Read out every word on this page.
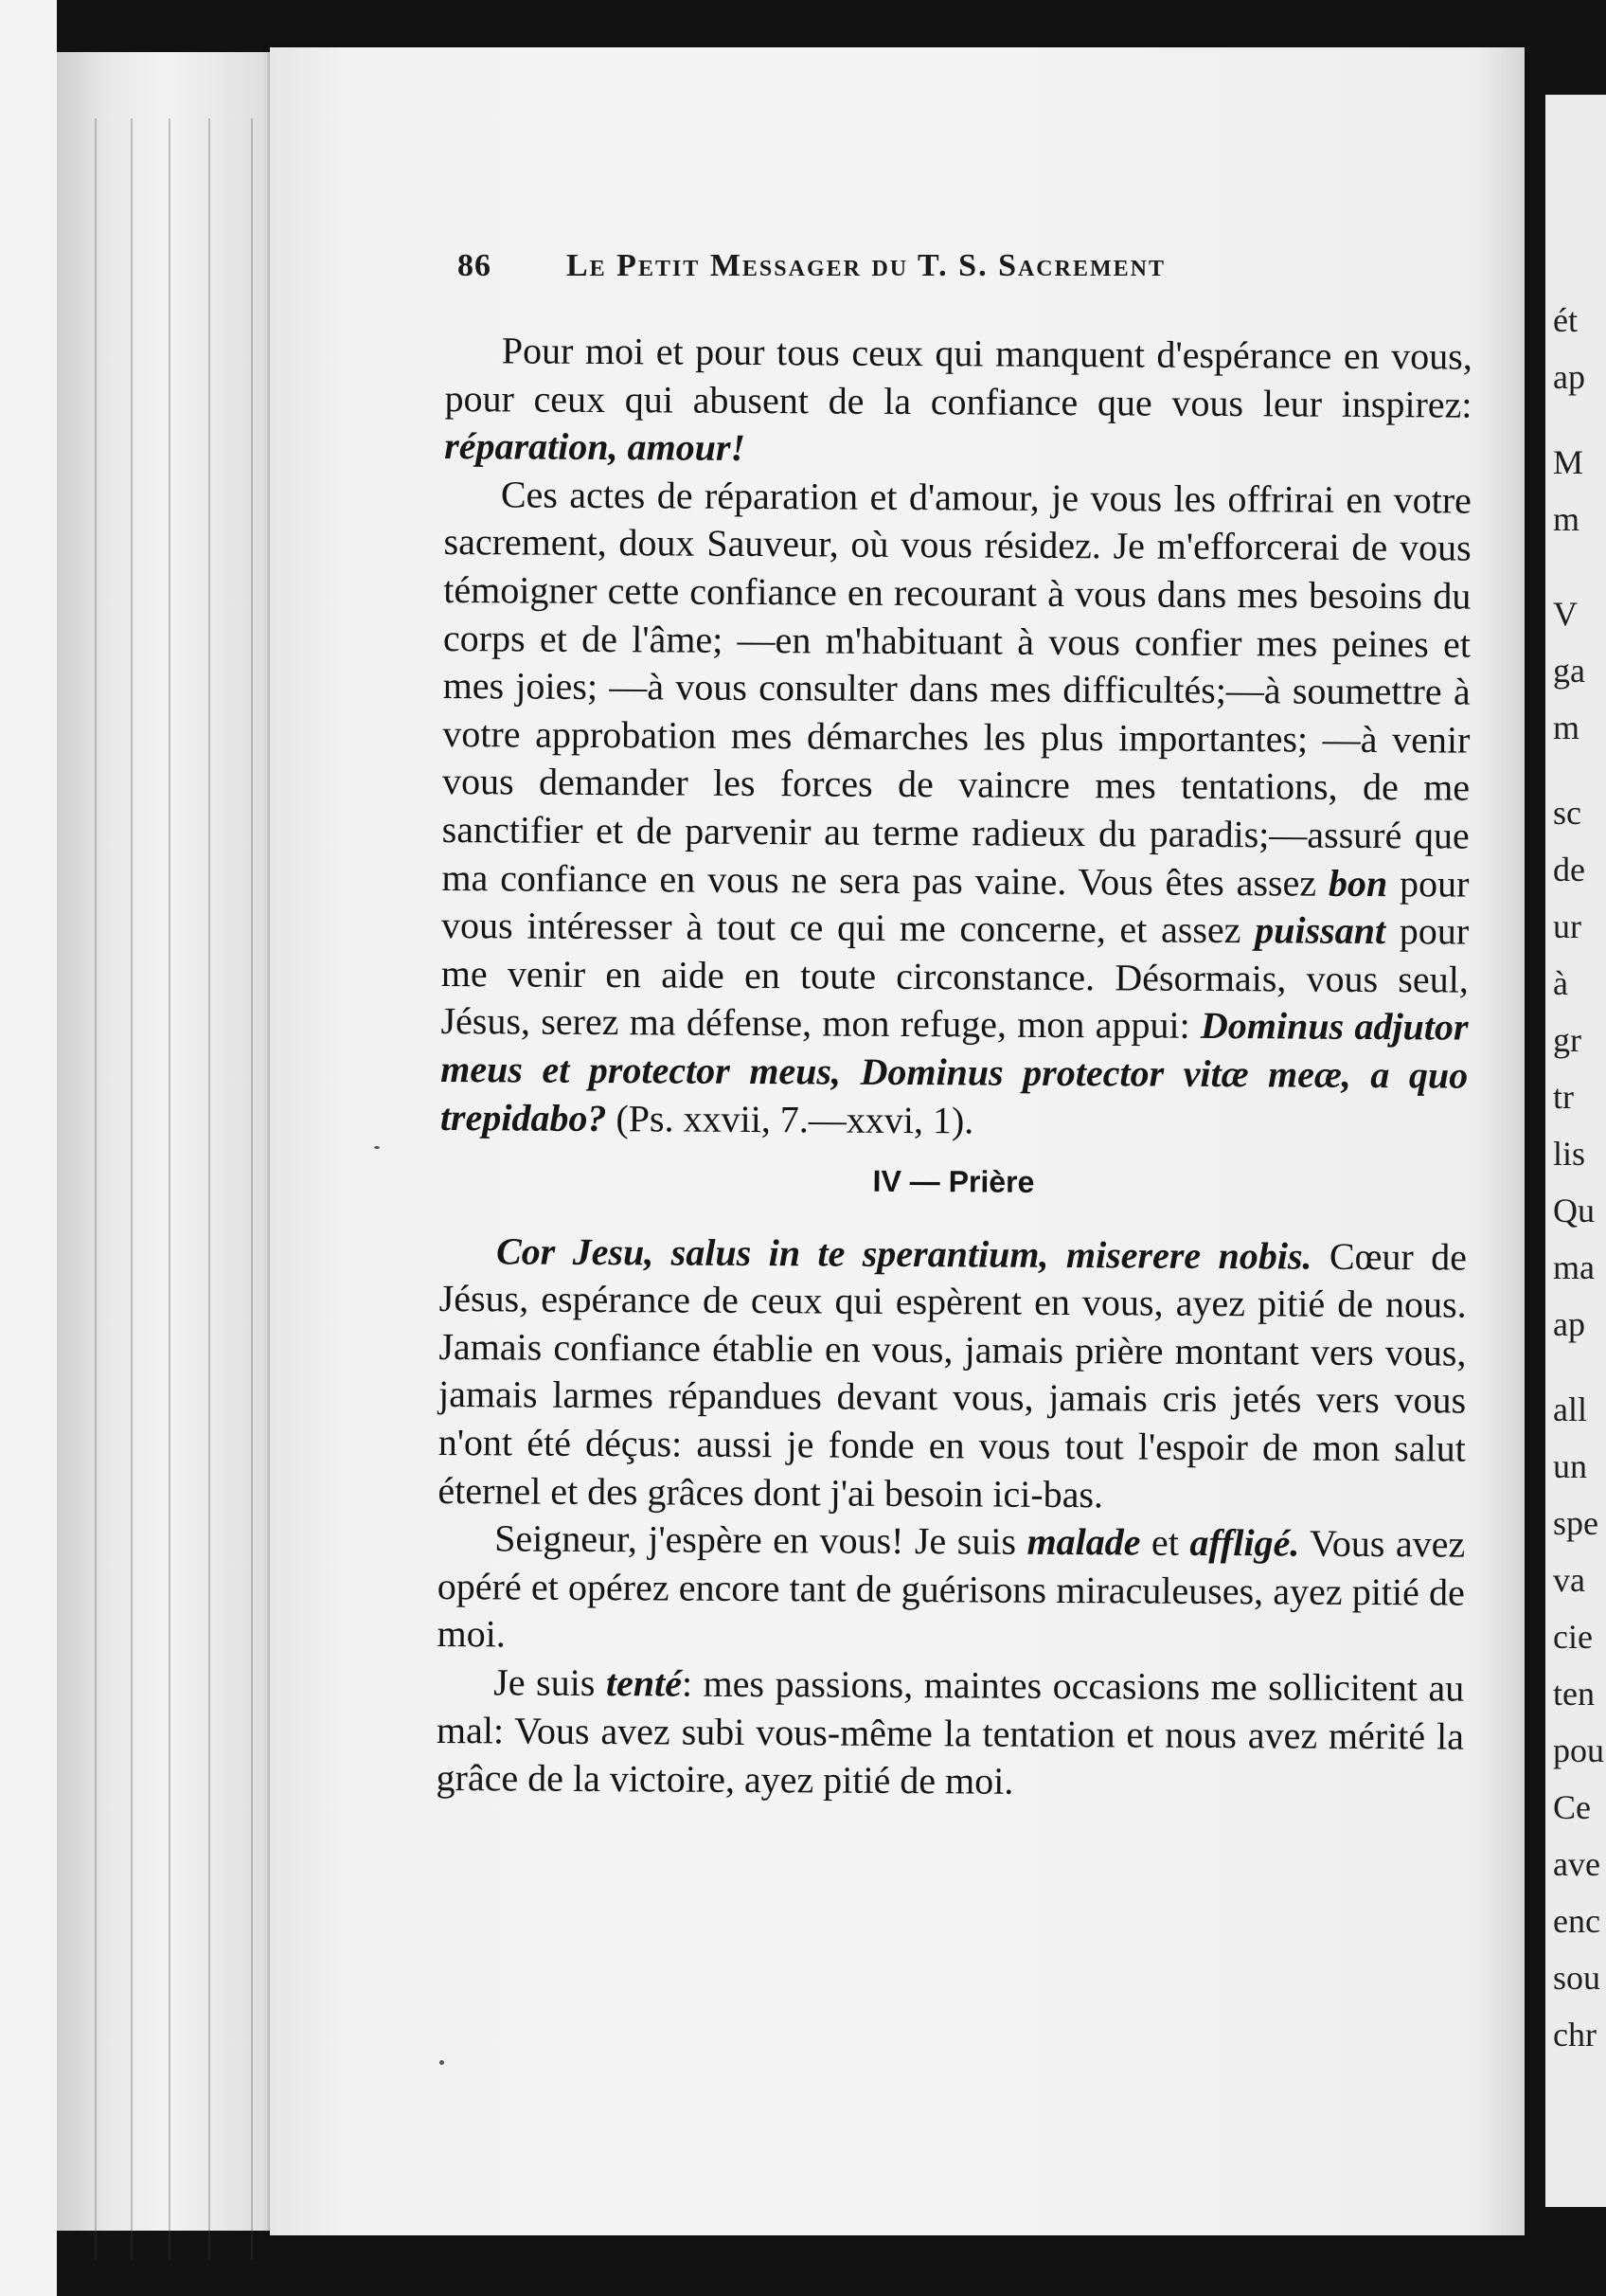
ét
ap
M
m
V
ga
m
sc
de
ur
à
gr
tr
lis
Qu
ma
ap
all
un
spe
va
cie
ten
pou
Ce
ave
enc
sou
chr
86 Le Petit Messager du T. S. Sacrement

Pour moi et pour tous ceux qui manquent d'espérance en vous, pour ceux qui abusent de la confiance que vous leur inspirez: réparation, amour!

Ces actes de réparation et d'amour, je vous les offrirai en votre sacrement, doux Sauveur, où vous résidez. Je m'efforcerai de vous témoigner cette confiance en recourant à vous dans mes besoins du corps et de l'âme; —en m'habituant à vous confier mes peines et mes joies; —à vous consulter dans mes difficultés;—à soumettre à votre approbation mes démarches les plus importantes; —à venir vous demander les forces de vaincre mes tentations, de me sanctifier et de parvenir au terme radieux du paradis;—assuré que ma confiance en vous ne sera pas vaine. Vous êtes assez bon pour vous intéresser à tout ce qui me concerne, et assez puissant pour me venir en aide en toute circonstance. Désormais, vous seul, Jésus, serez ma défense, mon refuge, mon appui: Dominus adjutor meus et protector meus, Dominus protector vitæ meæ, a quo trepidabo? (Ps. xxvii, 7.—xxvi, 1).

IV — Prière

Cor Jesu, salus in te sperantium, miserere nobis. Cœur de Jésus, espérance de ceux qui espèrent en vous, ayez pitié de nous. Jamais confiance établie en vous, jamais prière montant vers vous, jamais larmes répandues devant vous, jamais cris jetés vers vous n'ont été déçus: aussi je fonde en vous tout l'espoir de mon salut éternel et des grâces dont j'ai besoin ici-bas.

Seigneur, j'espère en vous! Je suis malade et affligé. Vous avez opéré et opérez encore tant de guérisons miraculeuses, ayez pitié de moi.

Je suis tenté: mes passions, maintes occasions me sollicitent au mal: Vous avez subi vous-même la tentation et nous avez mérité la grâce de la victoire, ayez pitié de moi.
